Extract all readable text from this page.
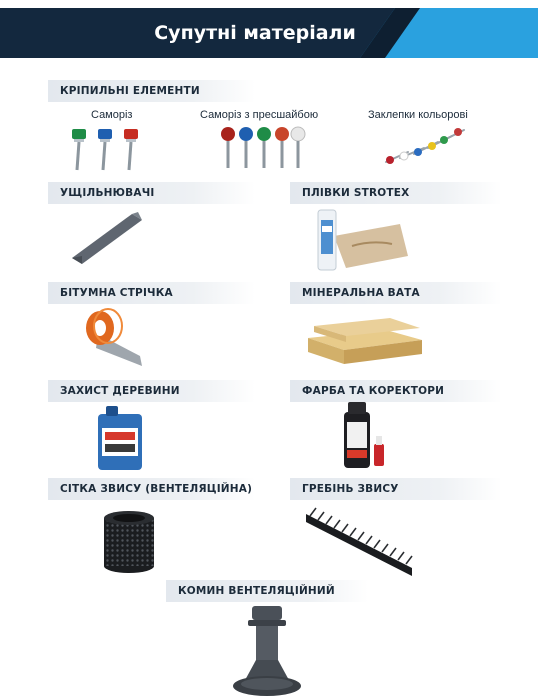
Супутні матеріали
КРІПИЛЬНІ ЕЛЕМЕНТИ
Саморіз	Саморіз з пресшайбою	Заклепки кольорові
УЩІЛЬНЮВАЧІ	ПЛІВКИ STROTEX
БІТУМНА СТРІЧКА	МІНЕРАЛЬНА ВАТА
ЗАХИСТ ДЕРЕВИНИ	ФАРБА ТА КОРЕКТОРИ
СІТКА ЗВИСУ (ВЕНТЕЛЯЦІЙНА)	ГРЕБІНЬ ЗВИСУ
КОМИН ВЕНТЕЛЯЦІЙНИЙ
